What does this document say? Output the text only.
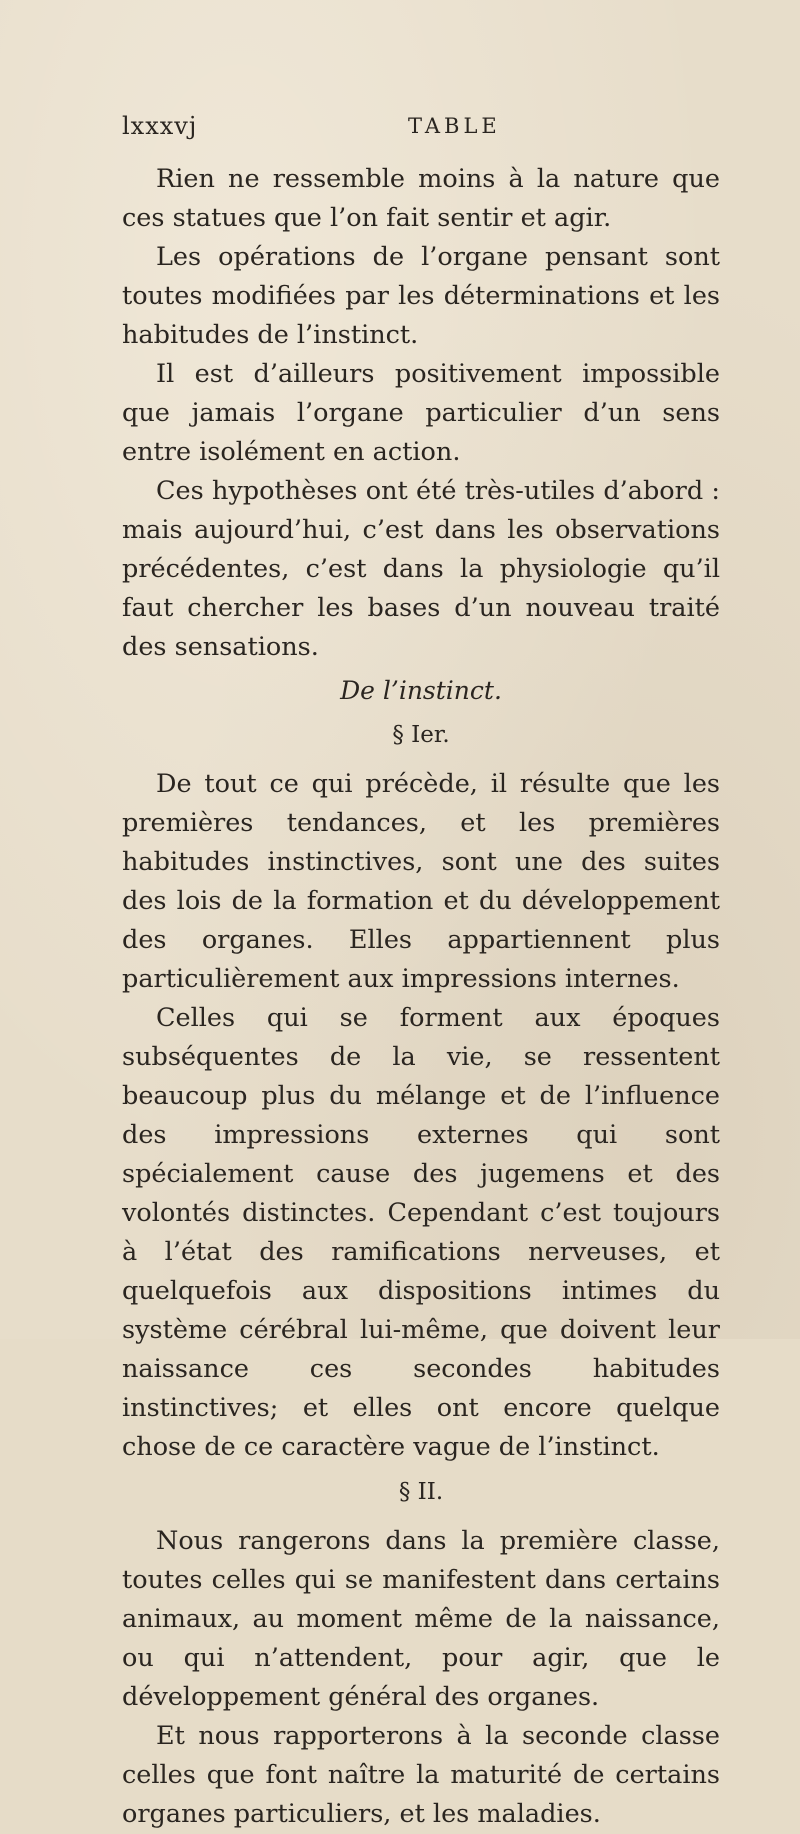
lxxxvj	TABLE

Rien ne ressemble moins à la nature que ces statues que l’on fait sentir et agir.

Les opérations de l’organe pensant sont toutes modifiées par les déterminations et les habitudes de l’instinct.

Il est d’ailleurs positivement impossible que jamais l’organe particulier d’un sens entre isolément en action.

Ces hypothèses ont été très-utiles d’abord : mais aujourd’hui, c’est dans les observations précédentes, c’est dans la physiologie qu’il faut chercher les bases d’un nouveau traité des sensations.

De l’instinct.
§ Ier.

De tout ce qui précède, il résulte que les premières tendances, et les premières habitudes instinctives, sont une des suites des lois de la formation et du développement des organes. Elles appartiennent plus particulièrement aux impressions internes.

Celles qui se forment aux époques subséquentes de la vie, se ressentent beaucoup plus du mélange et de l’influence des impressions externes qui sont spécialement cause des jugemens et des volontés distinctes. Cependant c’est toujours à l’état des ramifications nerveuses, et quelquefois aux dispositions intimes du système cérébral lui-même, que doivent leur naissance ces secondes habitudes instinctives; et elles ont encore quelque chose de ce caractère vague de l’instinct.

§ II.

Nous rangerons dans la première classe, toutes celles qui se manifestent dans certains animaux, au moment même de la naissance, ou qui n’attendent, pour agir, que le développement général des organes.

Et nous rapporterons à la seconde classe celles que font naître la maturité de certains organes particuliers, et les maladies.
